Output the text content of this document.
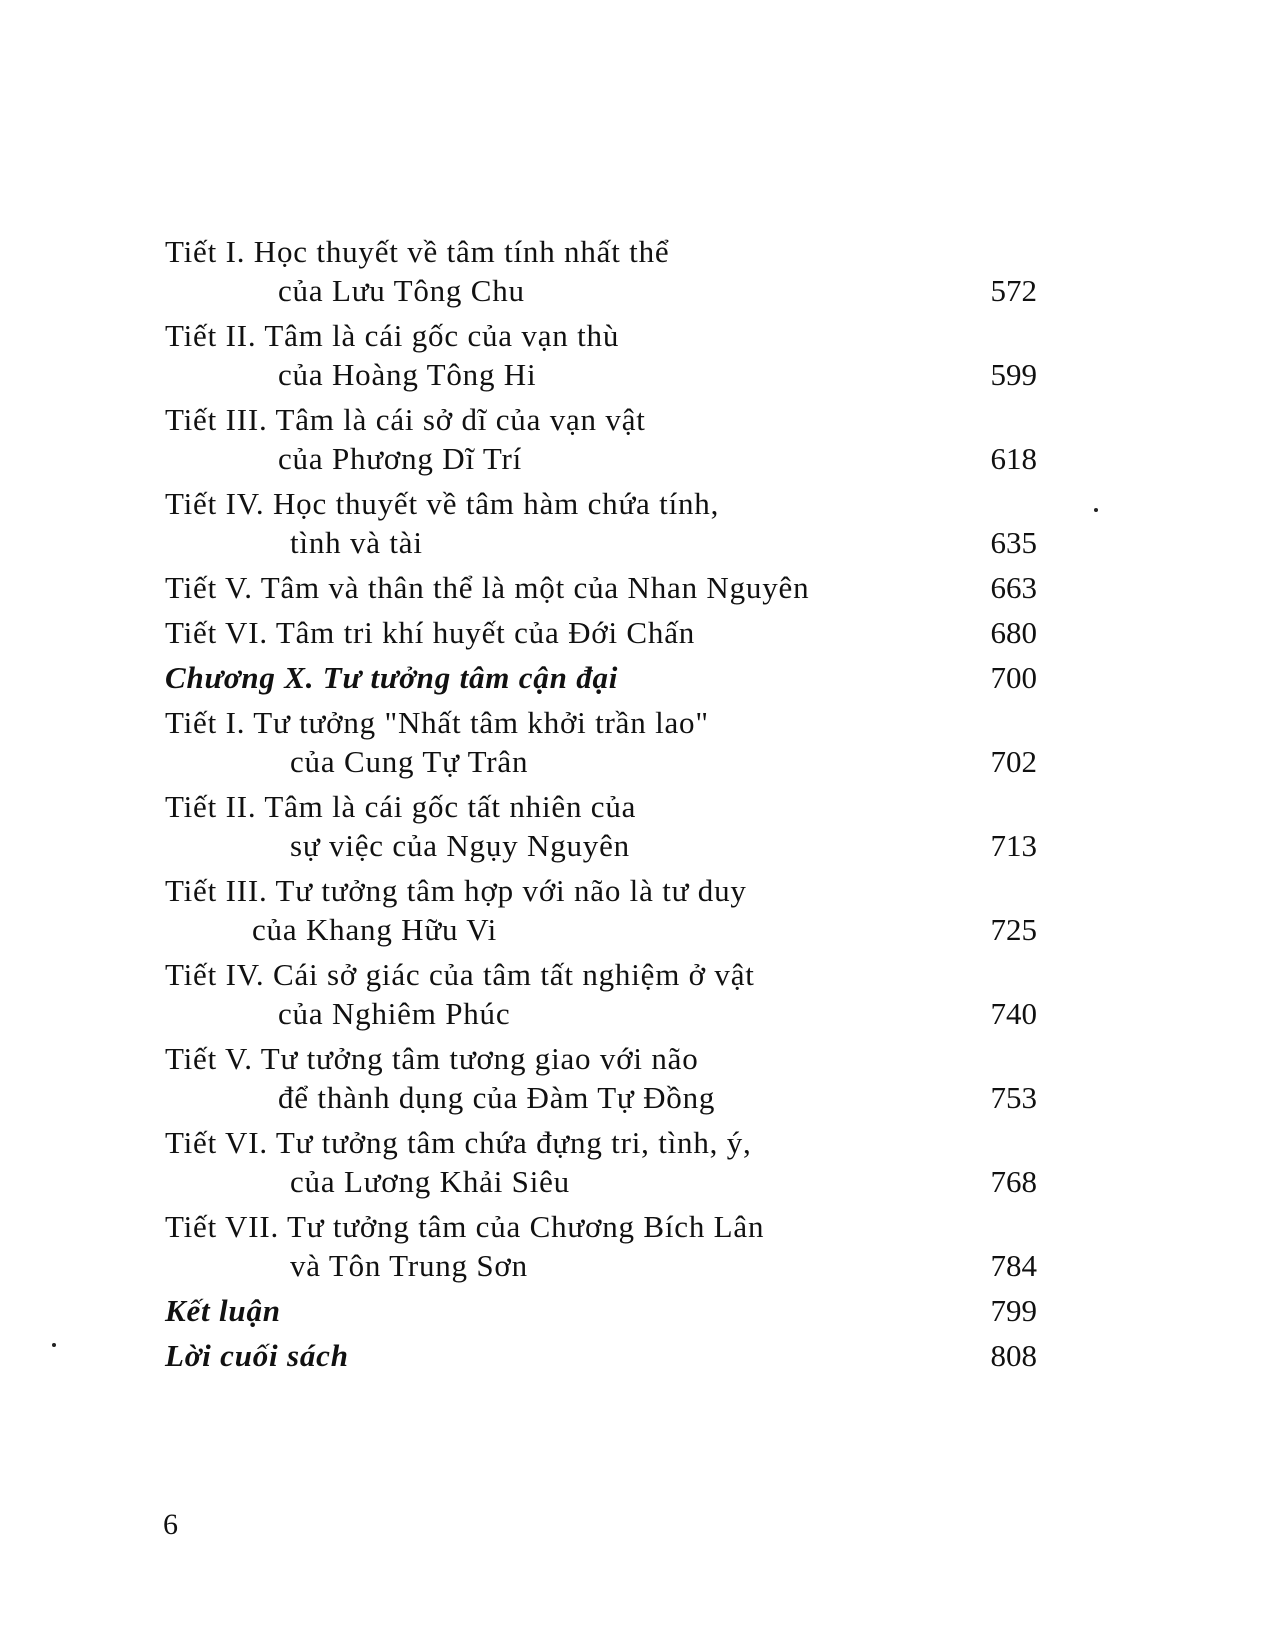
Tiết I. Học thuyết về tâm tính nhất thể
của Lưu Tông Chu	572
Tiết II. Tâm là cái gốc của vạn thù
của Hoàng Tông Hi	599
Tiết III. Tâm là cái sở dĩ của vạn vật
của Phương Dĩ Trí	618
Tiết IV. Học thuyết về tâm hàm chứa tính,
tình và tài	635
Tiết V. Tâm và thân thể là một của Nhan Nguyên	663
Tiết VI. Tâm tri khí huyết của Đới Chấn	680
Chương X. Tư tưởng tâm cận đại	700
Tiết I. Tư tưởng "Nhất tâm khởi trần lao"
của Cung Tự Trân	702
Tiết II. Tâm là cái gốc tất nhiên của
sự việc của Ngụy Nguyên	713
Tiết III. Tư tưởng tâm hợp với não là tư duy
của Khang Hữu Vi	725
Tiết IV. Cái sở giác của tâm tất nghiệm ở vật
của Nghiêm Phúc	740
Tiết V. Tư tưởng tâm tương giao với não
để thành dụng của Đàm Tự Đồng	753
Tiết VI. Tư tưởng tâm chứa đựng tri, tình, ý,
của Lương Khải Siêu	768
Tiết VII. Tư tưởng tâm của Chương Bích Lân
và Tôn Trung Sơn	784
Kết luận	799
Lời cuối sách	808
6
